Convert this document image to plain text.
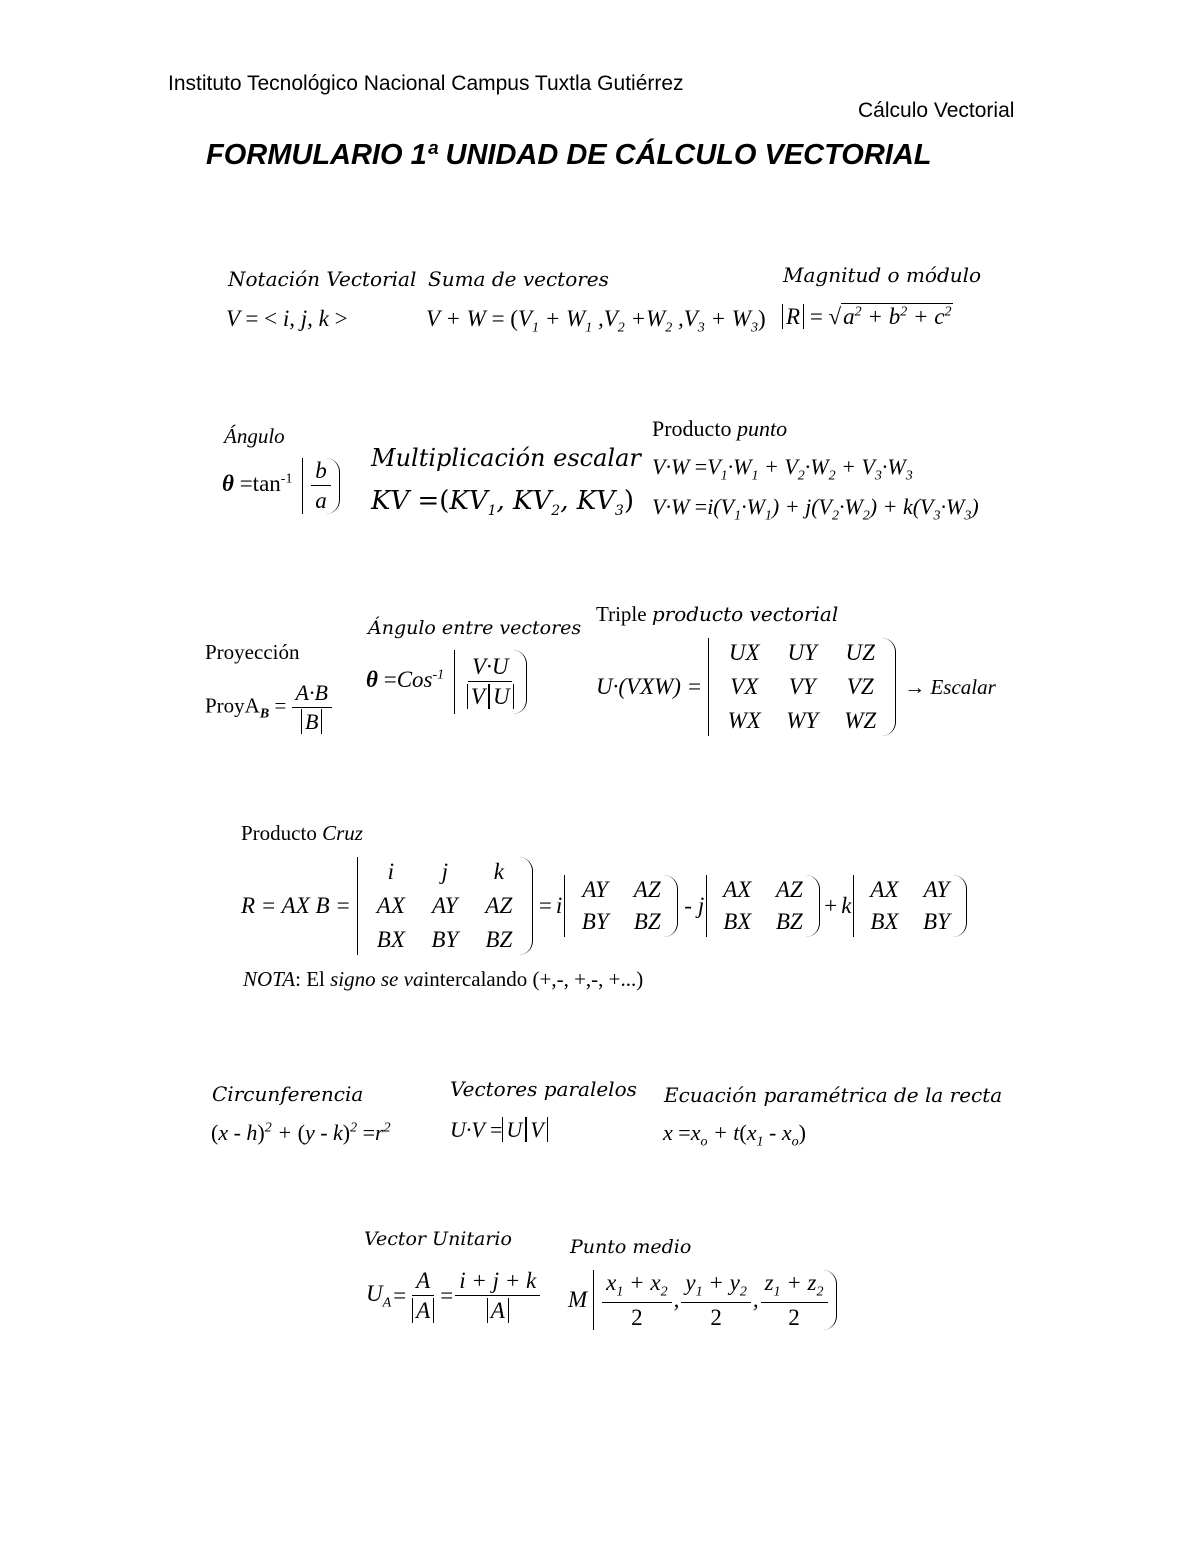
Instituto Tecnológico Nacional Campus Tuxtla Gutiérrez
Cálculo Vectorial
FORMULARIO 1ª UNIDAD DE CÁLCULO VECTORIAL
Notación Vectorial
V = < i, j, k >
Suma de vectores
$V + W = (V_1 + W_1$ $,V_2 +W_2$ $,V_3 + W_3$)
Magnitud o módulo
$R = √a^2 + b^2 + c^2$
Ángulo
$\theta =\tan^{-1} \frac{b}{a}$ Multiplicación escalar
KV $=(KV_1$, $KV_2$, $KV_3$)
Producto punto
$V\cdot W =V_1\cdot W_1 + V_2\cdot W_2 + V_3\cdot W_3$
$V\cdot W =i(V_1\cdot W_1) + j(V_2\cdot W_2) + k(V_3\cdot W_3)$
Proyección
ProyA$_B$ = $\frac{A\cdot B}{B}$
Ángulo entre vectores
$\theta =Cos^{-1} \frac{V\cdot U}{\text{V U}}$
Triple producto vectorial
U·(VXW) =
UX	UY	UZ
VX	VY	VZ
WX	WY	WZ
→ Escalar
Producto Cruz
R = AX B =
i	j	k
AX	AY	AZ
BX	BY	BZ
= i
AY	AZ
BY	BZ
- j
AX	AZ
BX	BZ
+ k
AX	AY
BX	BY
NOTA: El signo se vaintercalando (+,-, +,-, +...)
Circunferencia
$(x - h)^2 + (y - k)^2 =r^2$
Vectores paralelos
U·V = U V
Ecuación paramétrica de la recta
$x =x_o + t(x_1 - x_o)$
Vector Unitario
$U_A = \frac{A}{A} = \frac{i + j + k}{A}$
Punto medio
M $\frac{x_1 + x_2}{2}$ , $\frac{y_1 + y_2}{2}$ , $\frac{z_1 + z_2}{2}$
